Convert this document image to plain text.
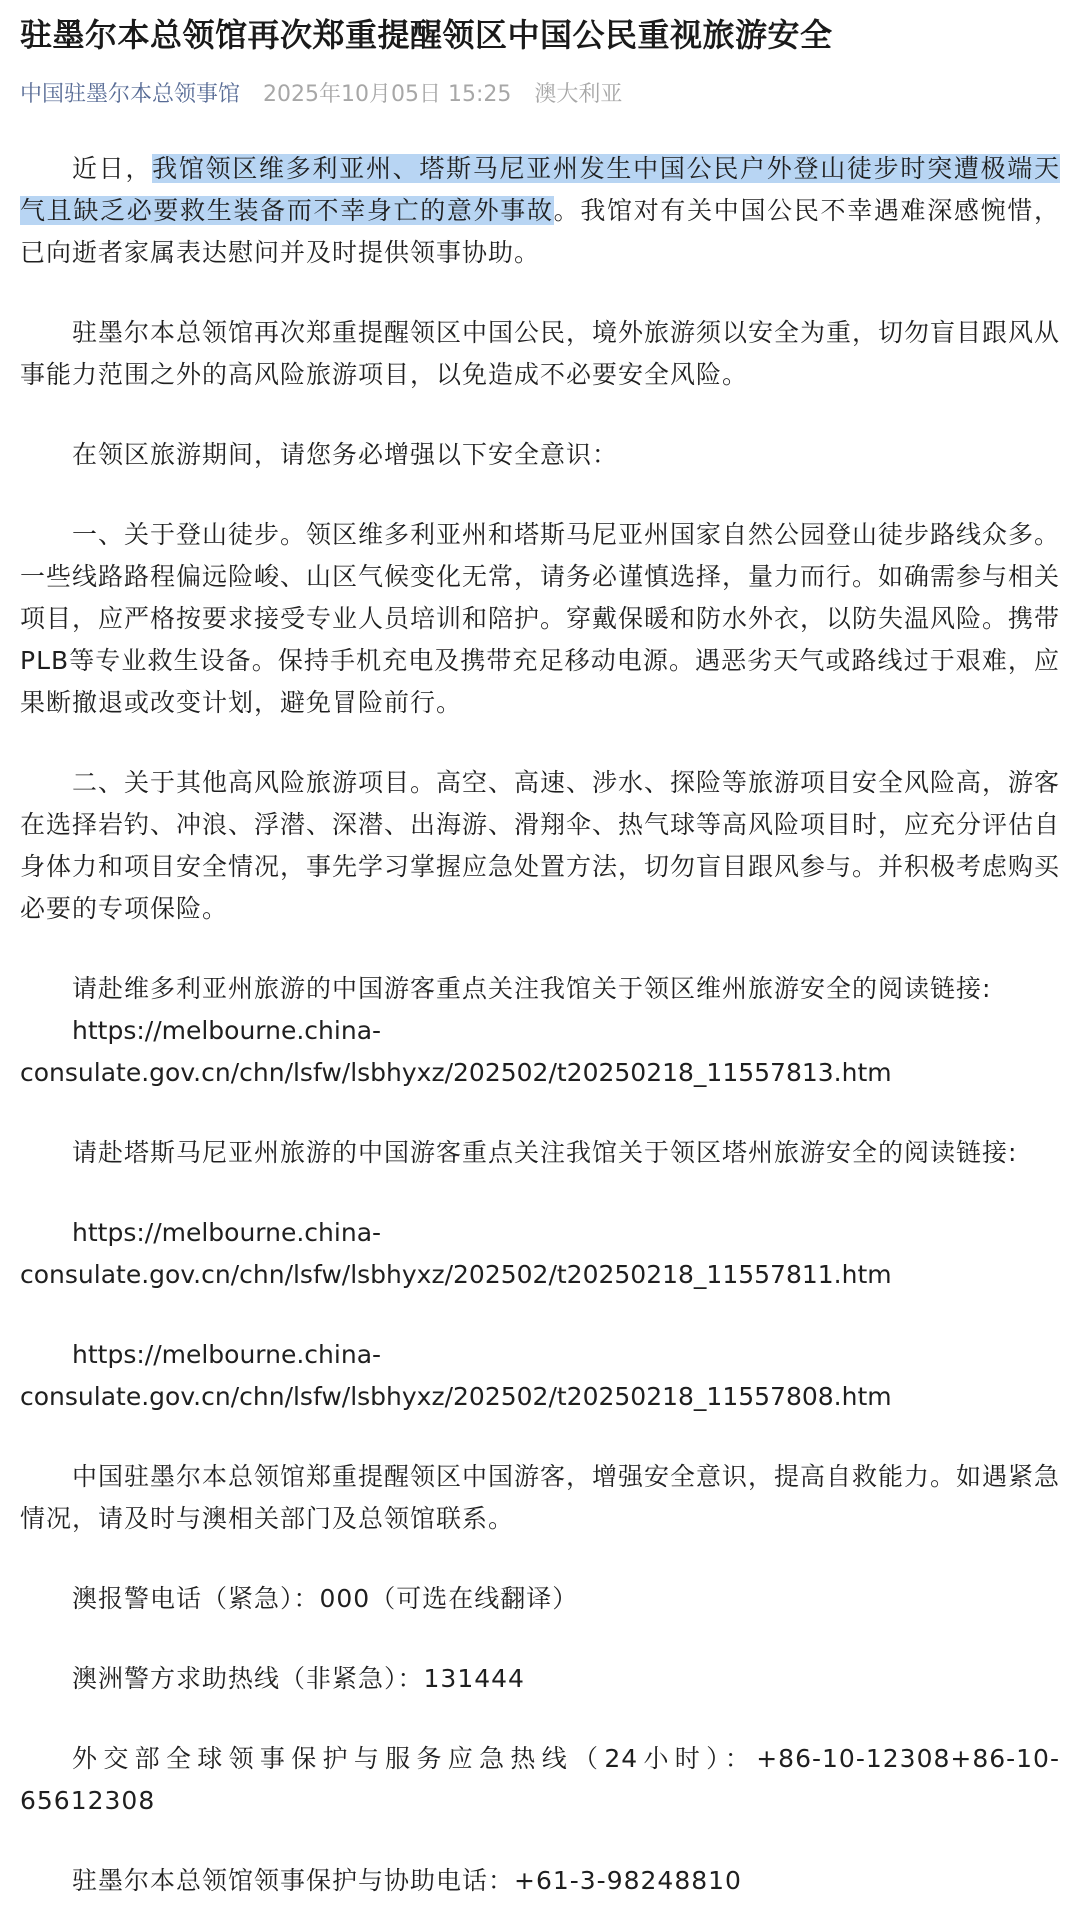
驻墨尔本总领馆再次郑重提醒领区中国公民重视旅游安全
中国驻墨尔本总领事馆 2025年10月05日 15:25 澳大利亚

近日，我馆领区维多利亚州、塔斯马尼亚州发生中国公民户外登山徒步时突遭极端天气且缺乏必要救生装备而不幸身亡的意外事故。我馆对有关中国公民不幸遇难深感惋惜，已向逝者家属表达慰问并及时提供领事协助。

驻墨尔本总领馆再次郑重提醒领区中国公民，境外旅游须以安全为重，切勿盲目跟风从事能力范围之外的高风险旅游项目，以免造成不必要安全风险。

在领区旅游期间，请您务必增强以下安全意识：

一、关于登山徒步。领区维多利亚州和塔斯马尼亚州国家自然公园登山徒步路线众多。一些线路路程偏远险峻、山区气候变化无常，请务必谨慎选择，量力而行。如确需参与相关项目，应严格按要求接受专业人员培训和陪护。穿戴保暖和防水外衣，以防失温风险。携带PLB等专业救生设备。保持手机充电及携带充足移动电源。遇恶劣天气或路线过于艰难，应果断撤退或改变计划，避免冒险前行。

二、关于其他高风险旅游项目。高空、高速、涉水、探险等旅游项目安全风险高，游客在选择岩钓、冲浪、浮潜、深潜、出海游、滑翔伞、热气球等高风险项目时，应充分评估自身体力和项目安全情况，事先学习掌握应急处置方法，切勿盲目跟风参与。并积极考虑购买必要的专项保险。

请赴维多利亚州旅游的中国游客重点关注我馆关于领区维州旅游安全的阅读链接:
https://melbourne.china-
consulate.gov.cn/chn/lsfw/lsbhyxz/202502/t20250218_11557813.htm

请赴塔斯马尼亚州旅游的中国游客重点关注我馆关于领区塔州旅游安全的阅读链接:

https://melbourne.china-
consulate.gov.cn/chn/lsfw/lsbhyxz/202502/t20250218_11557811.htm

https://melbourne.china-
consulate.gov.cn/chn/lsfw/lsbhyxz/202502/t20250218_11557808.htm

中国驻墨尔本总领馆郑重提醒领区中国游客，增强安全意识，提高自救能力。如遇紧急情况，请及时与澳相关部门及总领馆联系。

澳报警电话（紧急）：000（可选在线翻译）

澳洲警方求助热线（非紧急）：131444

外交部全球领事保护与服务应急热线（24小时）：+86-10-12308+86-10-65612308

驻墨尔本总领馆领事保护与协助电话：+61-3-98248810
